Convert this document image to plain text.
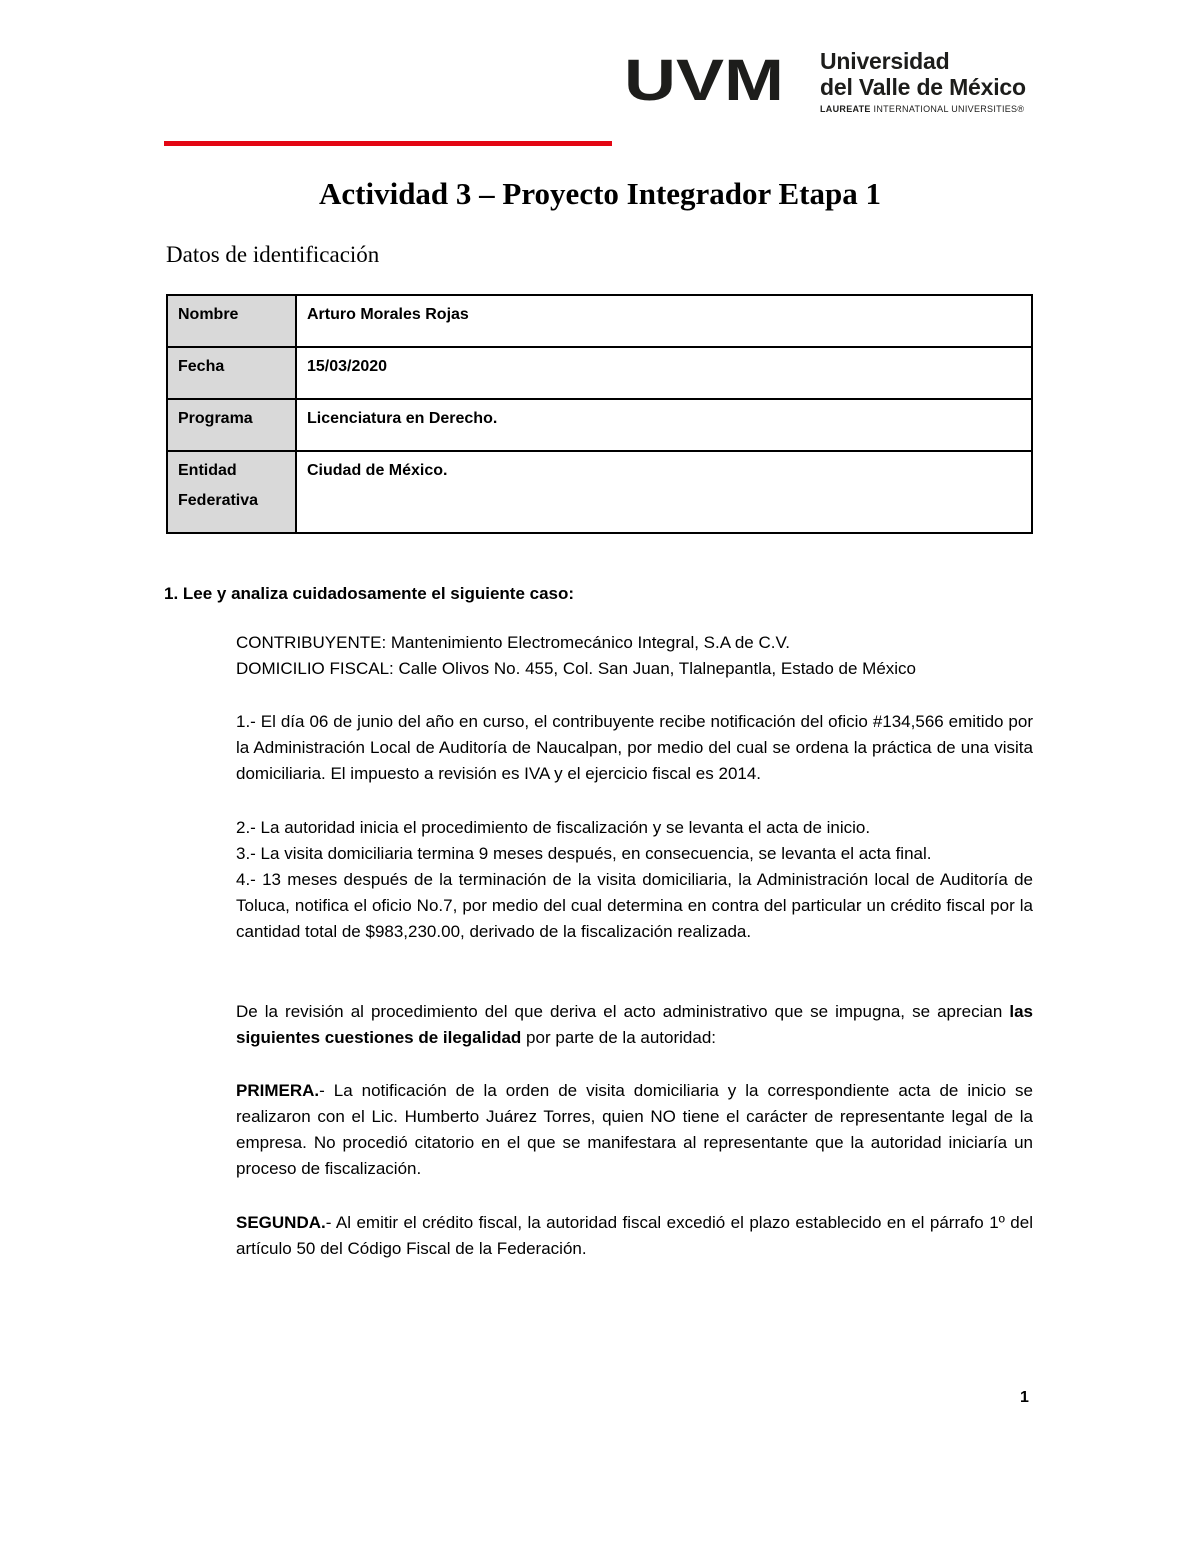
UVM Universidad
del Valle de México
LAUREATE INTERNATIONAL UNIVERSITIES®
Actividad 3 – Proyecto Integrador Etapa 1
Datos de identificación
Nombre	Arturo Morales Rojas
Fecha	15/03/2020
Programa	Licenciatura en Derecho.

Entidad
Federativa	Ciudad de México.
1. Lee y analiza cuidadosamente el siguiente caso:
CONTRIBUYENTE: Mantenimiento Electromecánico Integral, S.A de C.V.
DOMICILIO FISCAL: Calle Olivos No. 455, Col. San Juan, Tlalnepantla, Estado de México
1.- El día 06 de junio del año en curso, el contribuyente recibe notificación del oficio #134,566 emitido por la Administración Local de Auditoría de Naucalpan, por medio del cual se ordena la práctica de una visita domiciliaria. El impuesto a revisión es IVA y el ejercicio fiscal es 2014.
2.- La autoridad inicia el procedimiento de fiscalización y se levanta el acta de inicio.
3.- La visita domiciliaria termina 9 meses después, en consecuencia, se levanta el acta final.
4.- 13 meses después de la terminación de la visita domiciliaria, la Administración local de Auditoría de Toluca, notifica el oficio No.7, por medio del cual determina en contra del particular un crédito fiscal por la cantidad total de $983,230.00, derivado de la fiscalización realizada.
De la revisión al procedimiento del que deriva el acto administrativo que se impugna, se aprecian las siguientes cuestiones de ilegalidad por parte de la autoridad:
PRIMERA.- La notificación de la orden de visita domiciliaria y la correspondiente acta de inicio se realizaron con el Lic. Humberto Juárez Torres, quien NO tiene el carácter de representante legal de la empresa. No procedió citatorio en el que se manifestara al representante que la autoridad iniciaría un proceso de fiscalización.
SEGUNDA.- Al emitir el crédito fiscal, la autoridad fiscal excedió el plazo establecido en el párrafo 1º del artículo 50 del Código Fiscal de la Federación.
1
